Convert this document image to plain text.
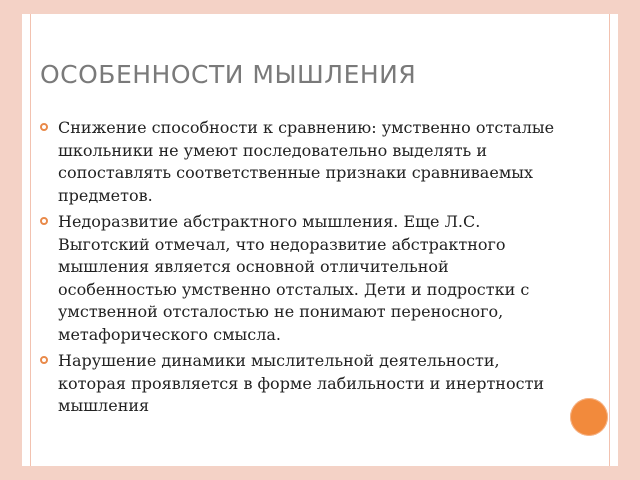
ОСОБЕННОСТИ МЫШЛЕНИЯ
Снижение способности к сравнению: умственно отсталые школьники не умеют последовательно выделять и сопоставлять соответственные признаки сравниваемых предметов.
Недоразвитие абстрактного мышления. Еще Л.С. Выготский отмечал, что недоразвитие абстрактного мышления является основной отличительной особенностью умственно отсталых. Дети и подростки с умственной отсталостью не понимают переносного, метафорического смысла.
Нарушение динамики мыслительной деятельности, которая проявляется в форме лабильности и инертности мышления
